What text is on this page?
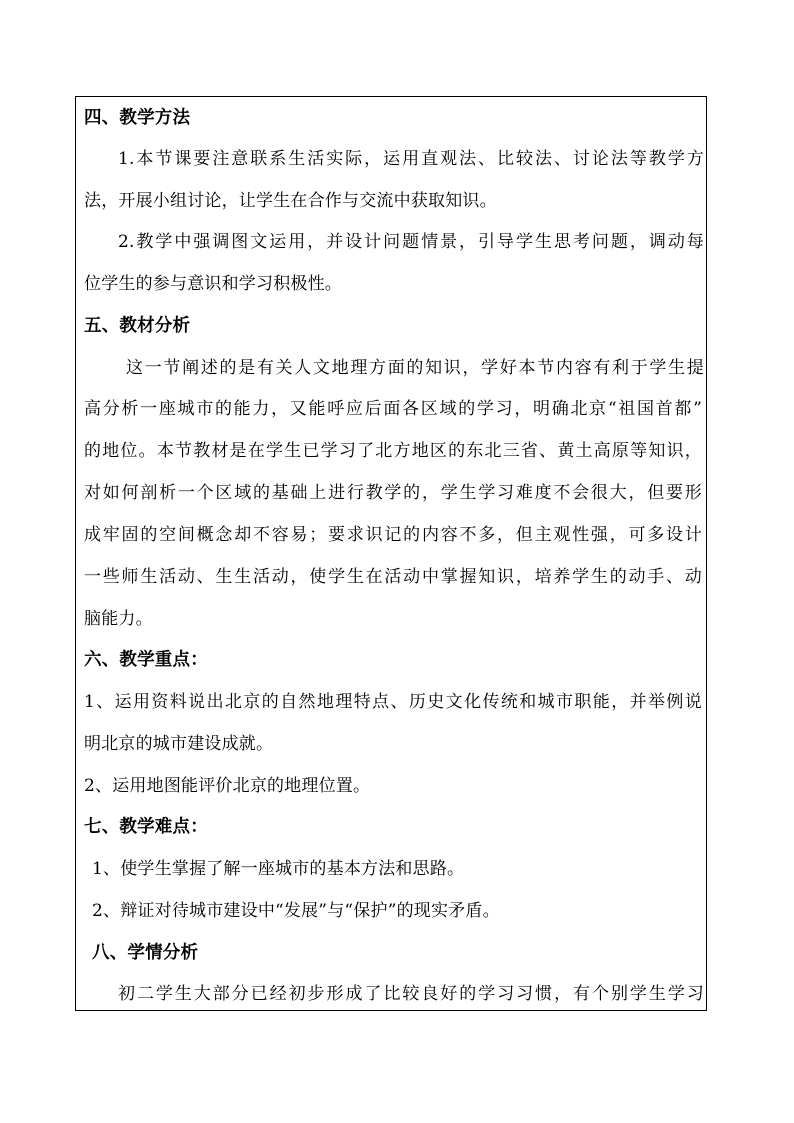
四、教学方法
1.本节课要注意联系生活实际，运用直观法、比较法、讨论法等教学方
法，开展小组讨论，让学生在合作与交流中获取知识。
2.教学中强调图文运用，并设计问题情景，引导学生思考问题，调动每
位学生的参与意识和学习积极性。
五、教材分析
这一节阐述的是有关人文地理方面的知识，学好本节内容有利于学生提
高分析一座城市的能力，又能呼应后面各区域的学习，明确北京“祖国首都”
的地位。本节教材是在学生已学习了北方地区的东北三省、黄土高原等知识，
对如何剖析一个区域的基础上进行教学的，学生学习难度不会很大，但要形
成牢固的空间概念却不容易；要求识记的内容不多，但主观性强，可多设计
一些师生活动、生生活动，使学生在活动中掌握知识，培养学生的动手、动
脑能力。
六、教学重点：
1、运用资料说出北京的自然地理特点、历史文化传统和城市职能，并举例说
明北京的城市建设成就。
2、运用地图能评价北京的地理位置。
七、教学难点：
1、使学生掌握了解一座城市的基本方法和思路。
2、辩证对待城市建设中“发展”与“保护”的现实矛盾。
八、学情分析
初二学生大部分已经初步形成了比较良好的学习习惯，有个别学生学习
